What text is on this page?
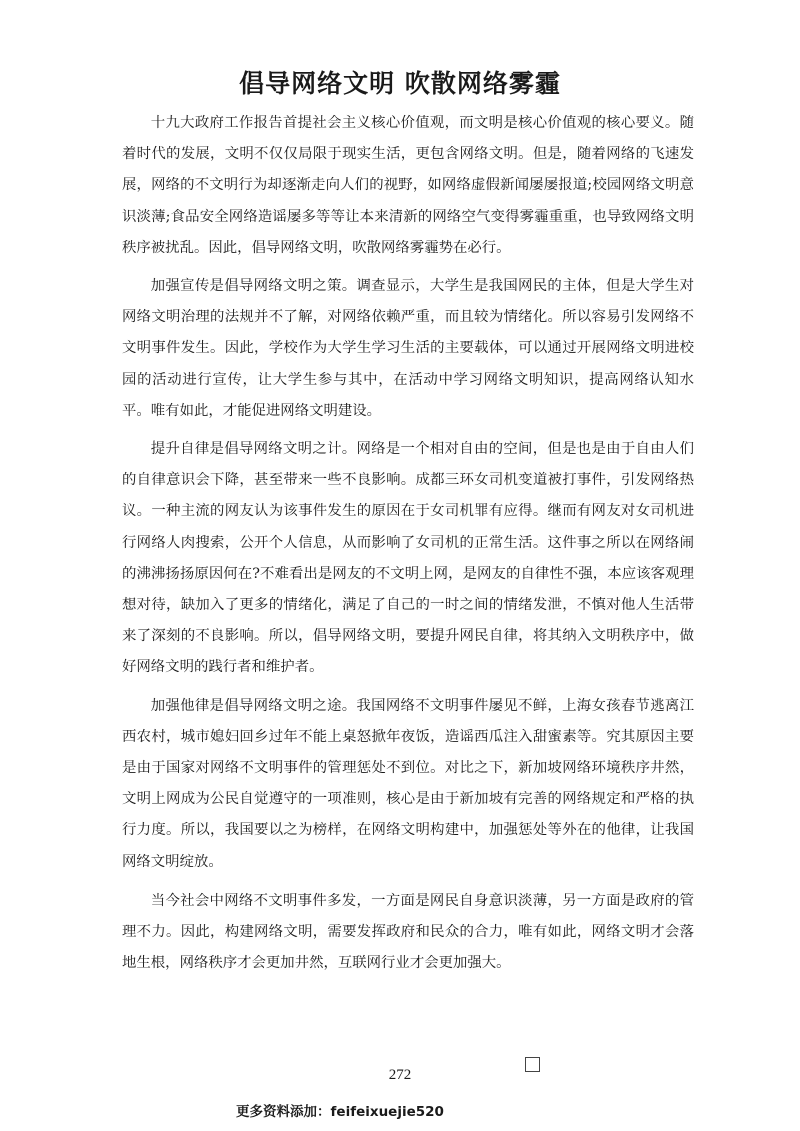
倡导网络文明 吹散网络雾霾

十九大政府工作报告首提社会主义核心价值观，而文明是核心价值观的核心要义。随着时代的发展，文明不仅仅局限于现实生活，更包含网络文明。但是，随着网络的飞速发展，网络的不文明行为却逐渐走向人们的视野，如网络虚假新闻屡屡报道;校园网络文明意识淡薄;食品安全网络造谣屡多等等让本来清新的网络空气变得雾霾重重，也导致网络文明秩序被扰乱。因此，倡导网络文明，吹散网络雾霾势在必行。

加强宣传是倡导网络文明之策。调查显示，大学生是我国网民的主体，但是大学生对网络文明治理的法规并不了解，对网络依赖严重，而且较为情绪化。所以容易引发网络不文明事件发生。因此，学校作为大学生学习生活的主要载体，可以通过开展网络文明进校园的活动进行宣传，让大学生参与其中，在活动中学习网络文明知识，提高网络认知水平。唯有如此，才能促进网络文明建设。

提升自律是倡导网络文明之计。网络是一个相对自由的空间，但是也是由于自由人们的自律意识会下降，甚至带来一些不良影响。成都三环女司机变道被打事件，引发网络热议。一种主流的网友认为该事件发生的原因在于女司机罪有应得。继而有网友对女司机进行网络人肉搜索，公开个人信息，从而影响了女司机的正常生活。这件事之所以在网络闹的沸沸扬扬原因何在?不难看出是网友的不文明上网，是网友的自律性不强，本应该客观理想对待，缺加入了更多的情绪化，满足了自己的一时之间的情绪发泄，不慎对他人生活带来了深刻的不良影响。所以，倡导网络文明，要提升网民自律，将其纳入文明秩序中，做好网络文明的践行者和维护者。

加强他律是倡导网络文明之途。我国网络不文明事件屡见不鲜，上海女孩春节逃离江西农村，城市媳妇回乡过年不能上桌怒掀年夜饭，造谣西瓜注入甜蜜素等。究其原因主要是由于国家对网络不文明事件的管理惩处不到位。对比之下，新加坡网络环境秩序井然，文明上网成为公民自觉遵守的一项准则，核心是由于新加坡有完善的网络规定和严格的执行力度。所以，我国要以之为榜样，在网络文明构建中，加强惩处等外在的他律，让我国网络文明绽放。

当今社会中网络不文明事件多发，一方面是网民自身意识淡薄，另一方面是政府的管理不力。因此，构建网络文明，需要发挥政府和民众的合力，唯有如此，网络文明才会落地生根，网络秩序才会更加井然，互联网行业才会更加强大。

272
更多资料添加：feifeixuejie520
